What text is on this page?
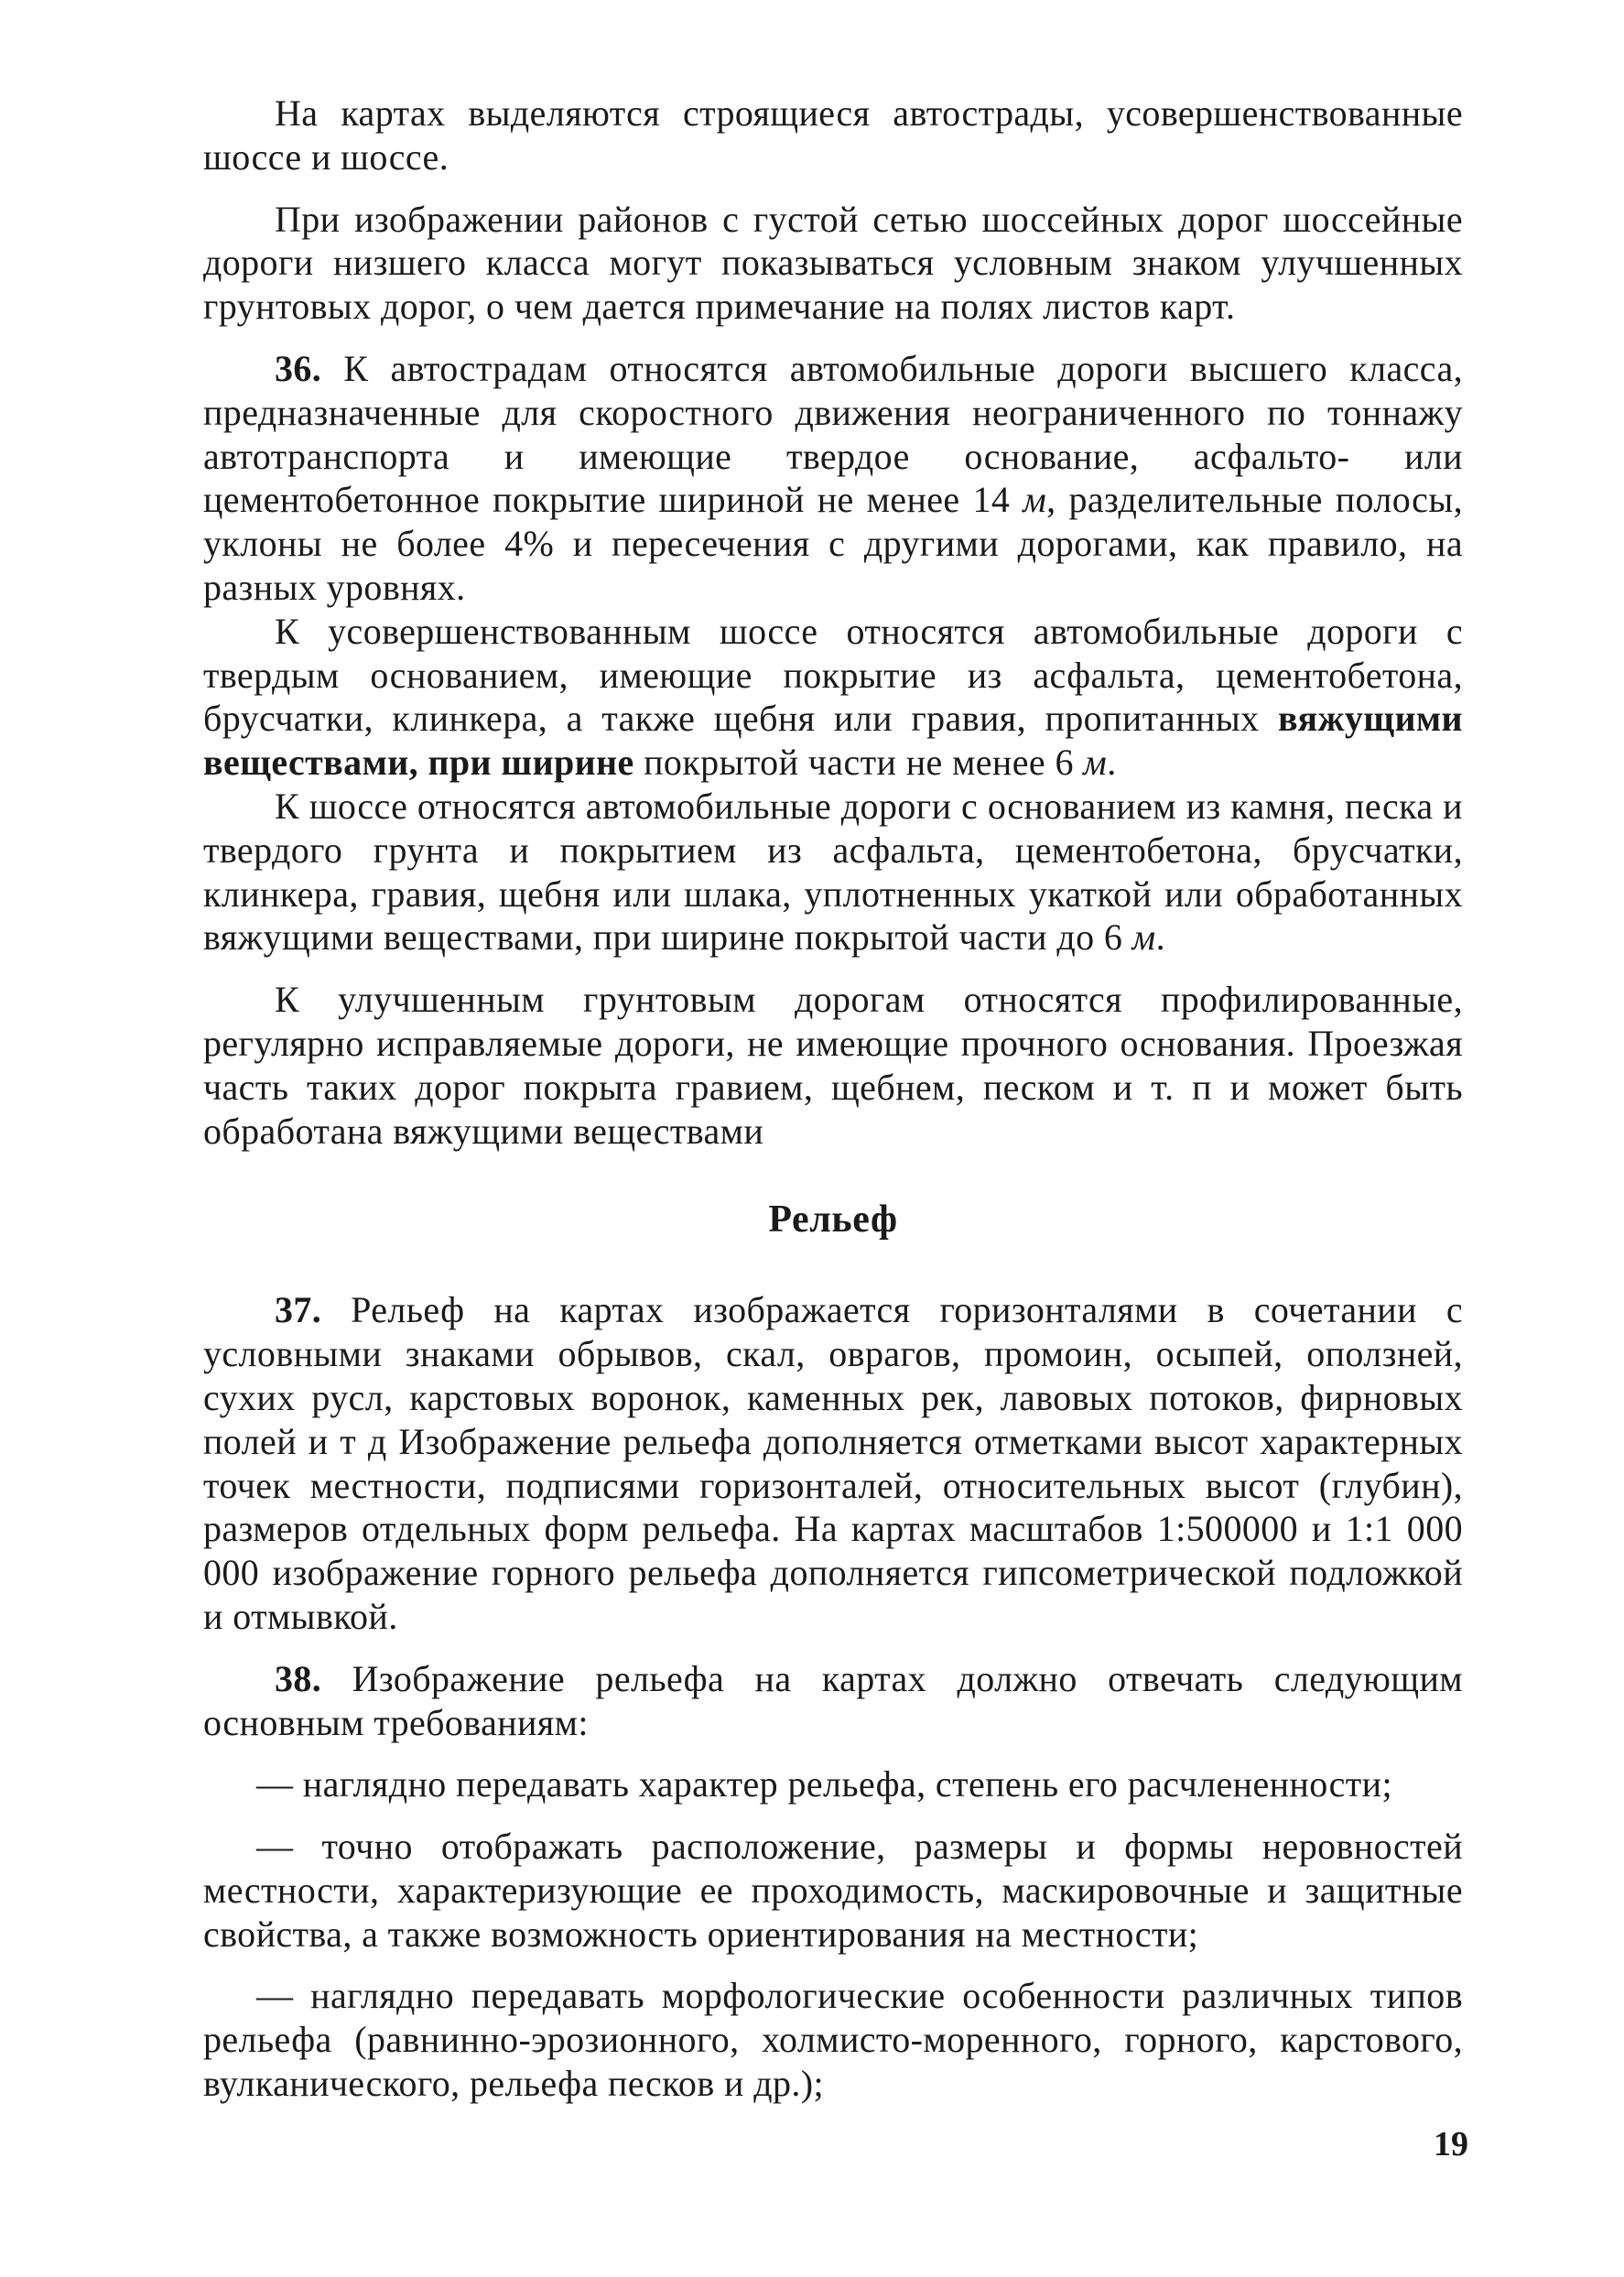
На картах выделяются строящиеся автострады, усовершенствованные шоссе и шоссе.

При изображении районов с густой сетью шоссейных дорог шоссейные дороги низшего класса могут показываться условным знаком улучшенных грунтовых дорог, о чем дается примечание на полях листов карт.

36. К автострадам относятся автомобильные дороги высшего класса, предназначенные для скоростного движения неограниченного по тоннажу автотранспорта и имеющие твердое основание, асфальто- или цементобетонное покрытие шириной не менее 14 м, разделительные полосы, уклоны не более 4% и пересечения с другими дорогами, как правило, на разных уровнях.

К усовершенствованным шоссе относятся автомобильные дороги с твердым основанием, имеющие покрытие из асфальта, цементобетона, брусчатки, клинкера, а также щебня или гравия, пропитанных вяжущими веществами, при ширине покрытой части не менее 6 м.

К шоссе относятся автомобильные дороги с основанием из камня, песка и твердого грунта и покрытием из асфальта, цементобетона, брусчатки, клинкера, гравия, щебня или шлака, уплотненных укаткой или обработанных вяжущими веществами, при ширине покрытой части до 6 м.

К улучшенным грунтовым дорогам относятся профилированные, регулярно исправляемые дороги, не имеющие прочного основания. Проезжая часть таких дорог покрыта гравием, щебнем, песком и т. п и может быть обработана вяжущими веществами

Рельеф

37. Рельеф на картах изображается горизонталями в сочетании с условными знаками обрывов, скал, оврагов, промоин, осыпей, оползней, сухих русл, карстовых воронок, каменных рек, лавовых потоков, фирновых полей и т д Изображение рельефа дополняется отметками высот характерных точек местности, подписями горизонталей, относительных высот (глубин), размеров отдельных форм рельефа. На картах масштабов 1:500000 и 1:1 000 000 изображение горного рельефа дополняется гипсометрической подложкой и отмывкой.

38. Изображение рельефа на картах должно отвечать следующим основным требованиям:

— наглядно передавать характер рельефа, степень его расчлененности;

— точно отображать расположение, размеры и формы неровностей местности, характеризующие ее проходимость, маскировочные и защитные свойства, а также возможность ориентирования на местности;

— наглядно передавать морфологические особенности различных типов рельефа (равнинно-эрозионного, холмисто-моренного, горного, карстового, вулканического, рельефа песков и др.);

19
